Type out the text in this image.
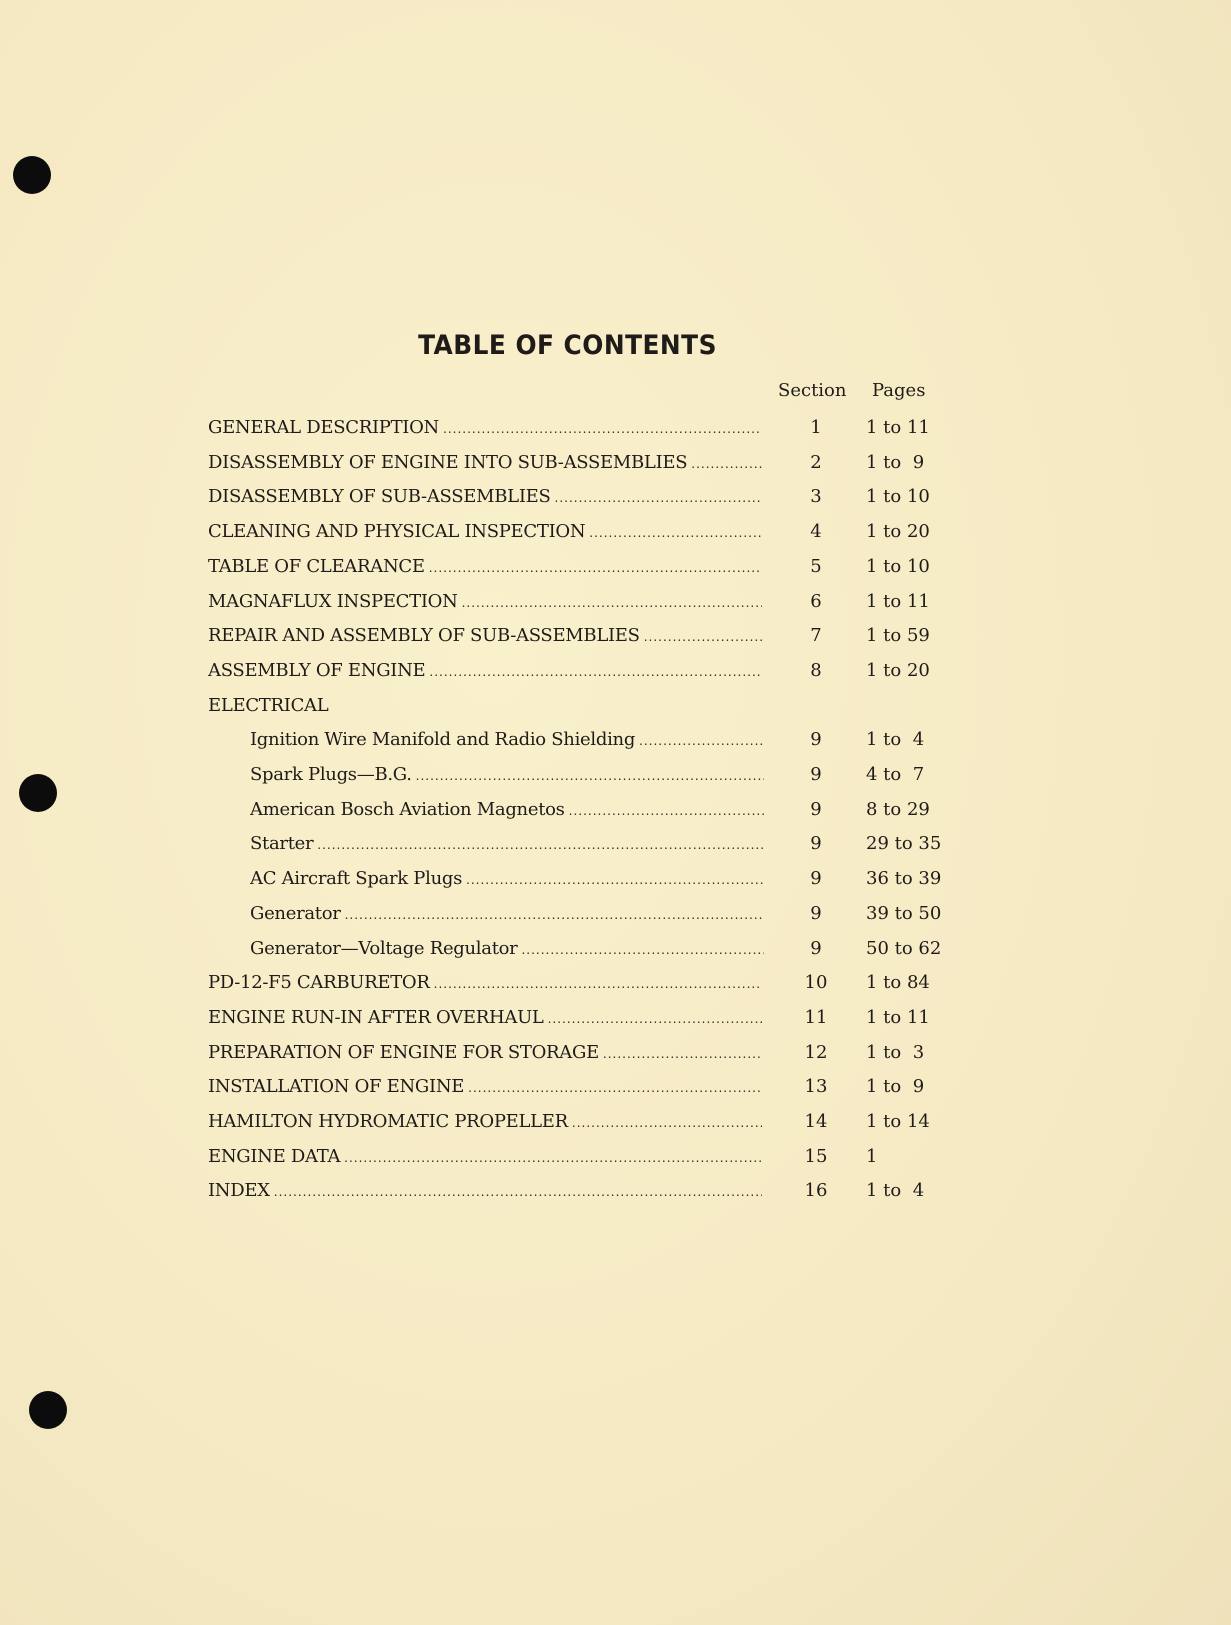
TABLE OF CONTENTS
Section Pages
GENERAL DESCRIPTION .....	1	1 to 11
DISASSEMBLY OF ENGINE INTO SUB-ASSEMBLIES .....	2	1 to  9
DISASSEMBLY OF SUB-ASSEMBLIES .....	3	1 to 10
CLEANING AND PHYSICAL INSPECTION .....	4	1 to 20
TABLE OF CLEARANCE .....	5	1 to 10
MAGNAFLUX INSPECTION .....	6	1 to 11
REPAIR AND ASSEMBLY OF SUB-ASSEMBLIES .....	7	1 to 59
ASSEMBLY OF ENGINE .....	8	1 to 20
ELECTRICAL
Ignition Wire Manifold and Radio Shielding .....	9	1 to  4
Spark Plugs—B.G. .....	9	4 to  7
American Bosch Aviation Magnetos .....	9	8 to 29
Starter .....	9	29 to 35
AC Aircraft Spark Plugs .....	9	36 to 39
Generator .....	9	39 to 50
Generator—Voltage Regulator .....	9	50 to 62
PD-12-F5 CARBURETOR .....	10	1 to 84
ENGINE RUN-IN AFTER OVERHAUL .....	11	1 to 11
PREPARATION OF ENGINE FOR STORAGE .....	12	1 to  3
INSTALLATION OF ENGINE .....	13	1 to  9
HAMILTON HYDROMATIC PROPELLER .....	14	1 to 14
ENGINE DATA .....	15	1
INDEX .....	16	1 to  4
